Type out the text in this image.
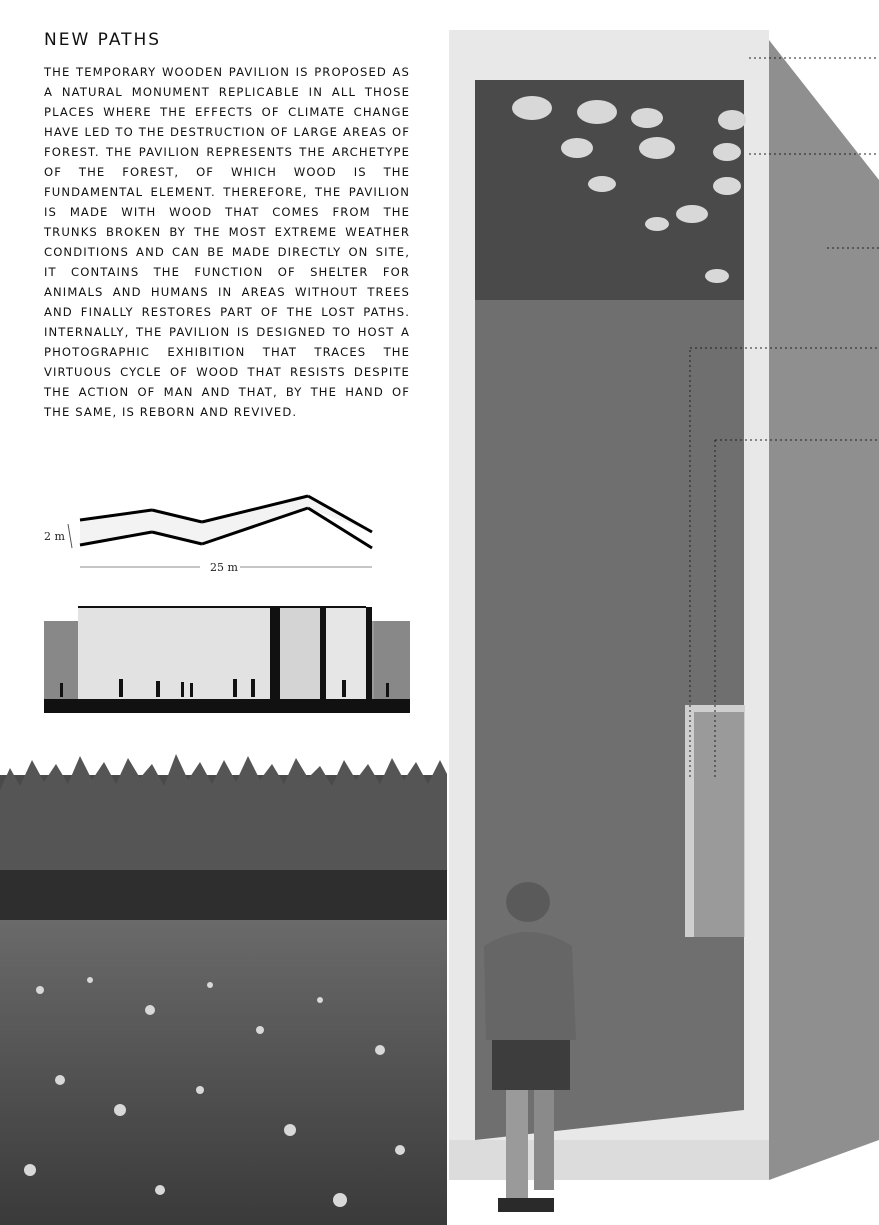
NEW PATHS
THE TEMPORARY WOODEN PAVILION IS PROPOSED AS A NATURAL MONUMENT REPLICABLE IN ALL THOSE PLACES WHERE THE EFFECTS OF CLIMATE CHANGE HAVE LED TO THE DESTRUCTION OF LARGE AREAS OF FOREST. THE PAVILION REPRESENTS THE ARCHETYPE OF THE FOREST, OF WHICH WOOD IS THE FUNDAMENTAL ELEMENT. THEREFORE, THE PAVILION IS MADE WITH WOOD THAT COMES FROM THE TRUNKS BROKEN BY THE MOST EXTREME WEATHER CONDITIONS AND CAN BE MADE DIRECTLY ON SITE, IT CONTAINS THE FUNCTION OF SHELTER FOR ANIMALS AND HUMANS IN AREAS WITHOUT TREES AND FINALLY RESTORES PART OF THE LOST PATHS. INTERNALLY, THE PAVILION IS DESIGNED TO HOST A PHOTOGRAPHIC EXHIBITION THAT TRACES THE VIRTUOUS CYCLE OF WOOD THAT RESISTS DESPITE THE ACTION OF MAN AND THAT, BY THE HAND OF THE SAME, IS REBORN AND REVIVED.
2 m
25 m
